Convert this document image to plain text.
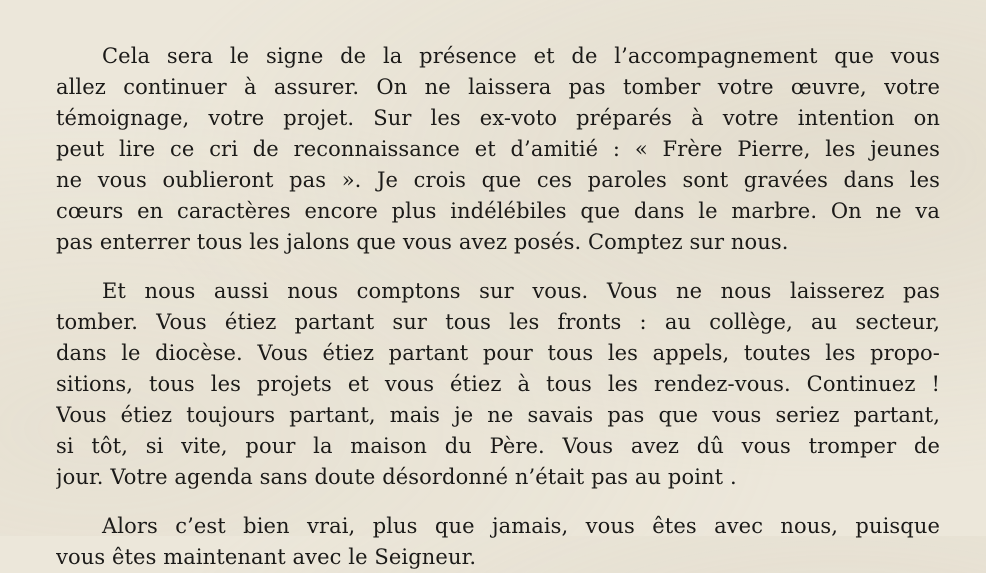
Cela sera le signe de la présence et de l’accompagnement que vous
allez continuer à assurer. On ne laissera pas tomber votre œuvre, votre
témoignage, votre projet. Sur les ex-voto préparés à votre intention on
peut lire ce cri de reconnaissance et d’amitié : « Frère Pierre, les jeunes
ne vous oublieront pas ». Je crois que ces paroles sont gravées dans les
cœurs en caractères encore plus indélébiles que dans le marbre. On ne va
pas enterrer tous les jalons que vous avez posés. Comptez sur nous.
Et nous aussi nous comptons sur vous. Vous ne nous laisserez pas
tomber. Vous étiez partant sur tous les fronts : au collège, au secteur,
dans le diocèse. Vous étiez partant pour tous les appels, toutes les propo-
sitions, tous les projets et vous étiez à tous les rendez-vous. Continuez !
Vous étiez toujours partant, mais je ne savais pas que vous seriez partant,
si tôt, si vite, pour la maison du Père. Vous avez dû vous tromper de
jour. Votre agenda sans doute désordonné n’était pas au point .
Alors c’est bien vrai, plus que jamais, vous êtes avec nous, puisque
vous êtes maintenant avec le Seigneur.
